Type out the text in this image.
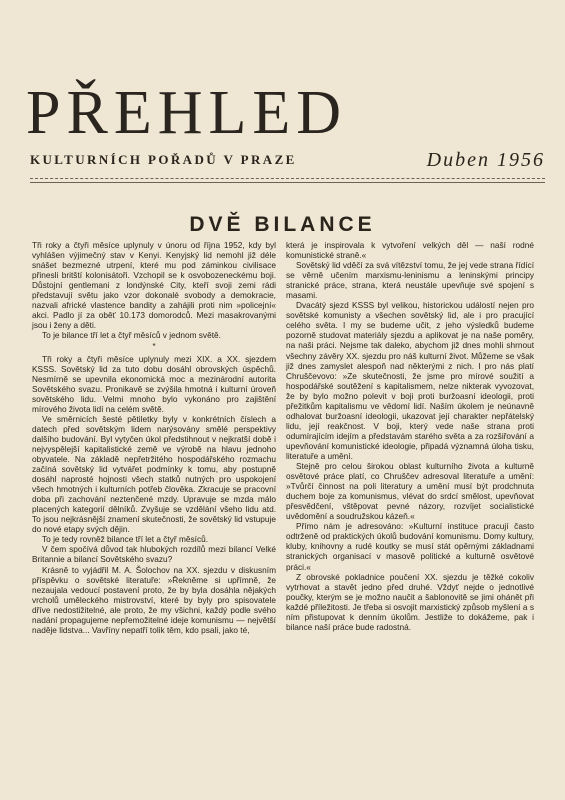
PŘEHLED
KULTURNÍCH POŘADŮ V PRAZE	Duben 1956
DVĚ BILANCE

Tři roky a čtyři měsíce uplynuly v únoru od října 1952, kdy byl vyhlášen výjimečný stav v Kenyi. Kenyjský lid nemohl již déle snášet bezmezné utrpení, které mu pod záminkou civilisace přinesli britští kolonisátoři. Vzchopil se k osvobozeneckému boji. Důstojní gentlemani z londýnské City, kteří svoji zemi rádi představují světu jako vzor dokonalé svobody a demokracie, nazvali africké vlastence bandity a zahájili proti nim »policejní« akci. Padlo jí za oběť 10.173 domorodců. Mezi masakrovanými jsou i ženy a děti.

To je bilance tří let a čtyř měsíců v jednom světě.

*

Tři roky a čtyři měsíce uplynuly mezi XIX. a XX. sjezdem KSSS. Sovětský lid za tuto dobu dosáhl obrovských úspěchů. Nesmírně se upevnila ekonomická moc a mezinárodní autorita Sovětského svazu. Pronikavě se zvýšila hmotná i kulturní úroveň sovětského lidu. Velmi mnoho bylo vykonáno pro zajištění mírového života lidí na celém světě.

Ve směrnicích šesté pětiletky byly v konkrétních číslech a datech před sovětským lidem narýsovány smělé perspektivy dalšího budování. Byl vytyčen úkol předstihnout v nejkratší době i nejvyspělejší kapitalistické země ve výrobě na hlavu jednoho obyvatele. Na základě nepřetržitého hospodářského rozmachu začíná sovětský lid vytvářet podmínky k tomu, aby postupně dosáhl naprosté hojnosti všech statků nutných pro uspokojení všech hmotných i kulturních potřeb člověka. Zkracuje se pracovní doba při zachování neztenčené mzdy. Upravuje se mzda málo placených kategorií dělníků. Zvyšuje se vzdělání všeho lidu atd. To jsou nejkrásnější znamení skutečnosti, že sovětský lid vstupuje do nové etapy svých dějin.

To je tedy rovněž bilance tří let a čtyř měsíců.

V čem spočívá důvod tak hlubokých rozdílů mezi bilancí Velké Britannie a bilancí Sovětského svazu?

Krásně to vyjádřil M. A. Šolochov na XX. sjezdu v diskusním příspěvku o sovětské literatuře: »Řekněme si upřímně, že nezaujala vedoucí postavení proto, že by byla dosáhla nějakých vrcholů uměleckého mistrovství, které by byly pro spisovatele dříve nedostižitelné, ale proto, že my všichni, každý podle svého nadání propagujeme nepřemožitelné ideje komunismu — největší naděje lidstva... Vavříny nepatří tolik těm, kdo psali, jako té,

která je inspirovala k vytvoření velkých děl — naší rodné komunistické straně.«

Sovětský lid vděčí za svá vítězství tomu, že jej vede strana řídící se věrně učením marxismu-leninismu a leninskými principy stranické práce, strana, která neustále upevňuje své spojení s masami.

Dvacátý sjezd KSSS byl velikou, historickou událostí nejen pro sovětské komunisty a všechen sovětský lid, ale i pro pracující celého světa. I my se budeme učit, z jeho výsledků budeme pozorně studovat materiály sjezdu a aplikovat je na naše poměry, na naši práci. Nejsme tak daleko, abychom již dnes mohli shrnout všechny závěry XX. sjezdu pro náš kulturní život. Můžeme se však již dnes zamyslet alespoň nad některými z nich. I pro nás platí Chruščevovo: »Ze skutečnosti, že jsme pro mírové soužití a hospodářské soutěžení s kapitalismem, nelze nikterak vyvozovat, že by bylo možno polevit v boji proti buržoasní ideologii, proti přežitkům kapitalismu ve vědomí lidí. Naším úkolem je neúnavně odhalovat buržoasní ideologii, ukazovat její charakter nepřátelský lidu, její reakčnost. V boji, který vede naše strana proti odumírajícím idejím a představám starého světa a za rozšiřování a upevňování komunistické ideologie, připadá významná úloha tisku, literatuře a umění.

Stejně pro celou širokou oblast kulturního života a kulturně osvětové práce platí, co Chruščev adresoval literatuře a umění: »Tvůrčí činnost na poli literatury a umění musí být prodchnuta duchem boje za komunismus, vlévat do srdcí smělost, upevňovat přesvědčení, vštěpovat pevné názory, rozvíjet socialistické uvědomění a soudružskou kázeň.«

Přímo nám je adresováno: »Kulturní instituce pracují často odtrženě od praktických úkolů budování komunismu. Domy kultury, kluby, knihovny a rudé koutky se musí stát opěrnými základnami stranických organisací v masově politické a kulturně osvětové práci.«

Z obrovské pokladnice poučení XX. sjezdu je těžké cokoliv vytrhovat a stavět jedno před druhé. Vždyť nejde o jednotlivé poučky, kterým se je možno naučit a šablonovitě se jimi ohánět při každé příležitosti. Je třeba si osvojit marxistický způsob myšlení a s ním přistupovat k denním úkolům. Jestliže to dokážeme, pak i bilance naší práce bude radostná.
